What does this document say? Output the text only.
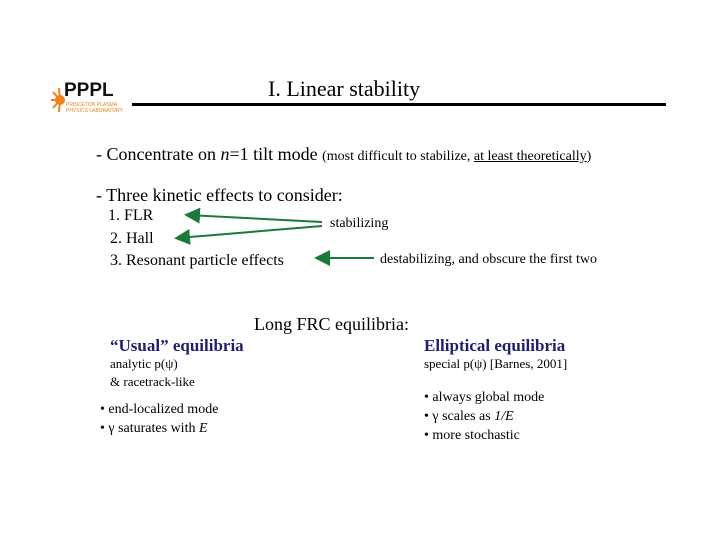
PPPL
PRINCETON PLASMA
PHYSICS LABORATORY
I. Linear stability
- Concentrate on n=1 tilt mode (most difficult to stabilize, at least theoretically)
- Three kinetic effects to consider:
1. FLR
2. Hall
3. Resonant particle effects
stabilizing
destabilizing, and obscure the first two
Long FRC equilibria:
“Usual” equilibria
analytic p(ψ)
& racetrack-like
• end-localized mode
• γ saturates with E
Elliptical equilibria
special p(ψ) [Barnes, 2001]
• always global mode
• γ scales as 1/E
• more stochastic
